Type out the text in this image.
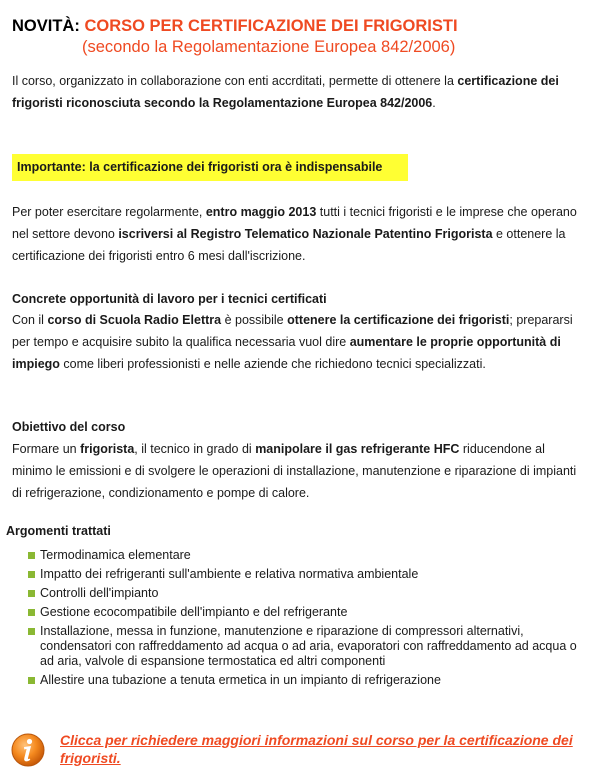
NOVITÀ: CORSO PER CERTIFICAZIONE DEI FRIGORISTI
(secondo la Regolamentazione Europea 842/2006)
Il corso, organizzato in collaborazione con enti accrditati, permette di ottenere la certificazione dei frigoristi riconosciuta secondo la Regolamentazione Europea 842/2006.
Importante: la certificazione dei frigoristi ora è indispensabile
Per poter esercitare regolarmente, entro maggio 2013 tutti i tecnici frigoristi e le imprese che operano nel settore devono iscriversi al Registro Telematico Nazionale Patentino Frigorista e ottenere la certificazione dei frigoristi entro 6 mesi dall'iscrizione.
Concrete opportunità di lavoro per i tecnici certificati
Con il corso di Scuola Radio Elettra è possibile ottenere la certificazione dei frigoristi; prepararsi per tempo e acquisire subito la qualifica necessaria vuol dire aumentare le proprie opportunità di impiego come liberi professionisti e nelle aziende che richiedono tecnici specializzati.
Obiettivo del corso
Formare un frigorista, il tecnico in grado di manipolare il gas refrigerante HFC riducendone al minimo le emissioni e di svolgere le operazioni di installazione, manutenzione e riparazione di impianti di refrigerazione, condizionamento e pompe di calore.
Argomenti trattati
Termodinamica elementare
Impatto dei refrigeranti sull'ambiente e relativa normativa ambientale
Controlli dell'impianto
Gestione ecocompatibile dell'impianto e del refrigerante
Installazione, messa in funzione, manutenzione e riparazione di compressori alternativi, condensatori con raffreddamento ad acqua o ad aria, evaporatori con raffreddamento ad acqua o ad aria, valvole di espansione termostatica ed altri componenti
Allestire una tubazione a tenuta ermetica in un impianto di refrigerazione
Clicca per richiedere maggiori informazioni sul corso per la certificazione dei frigoristi.
